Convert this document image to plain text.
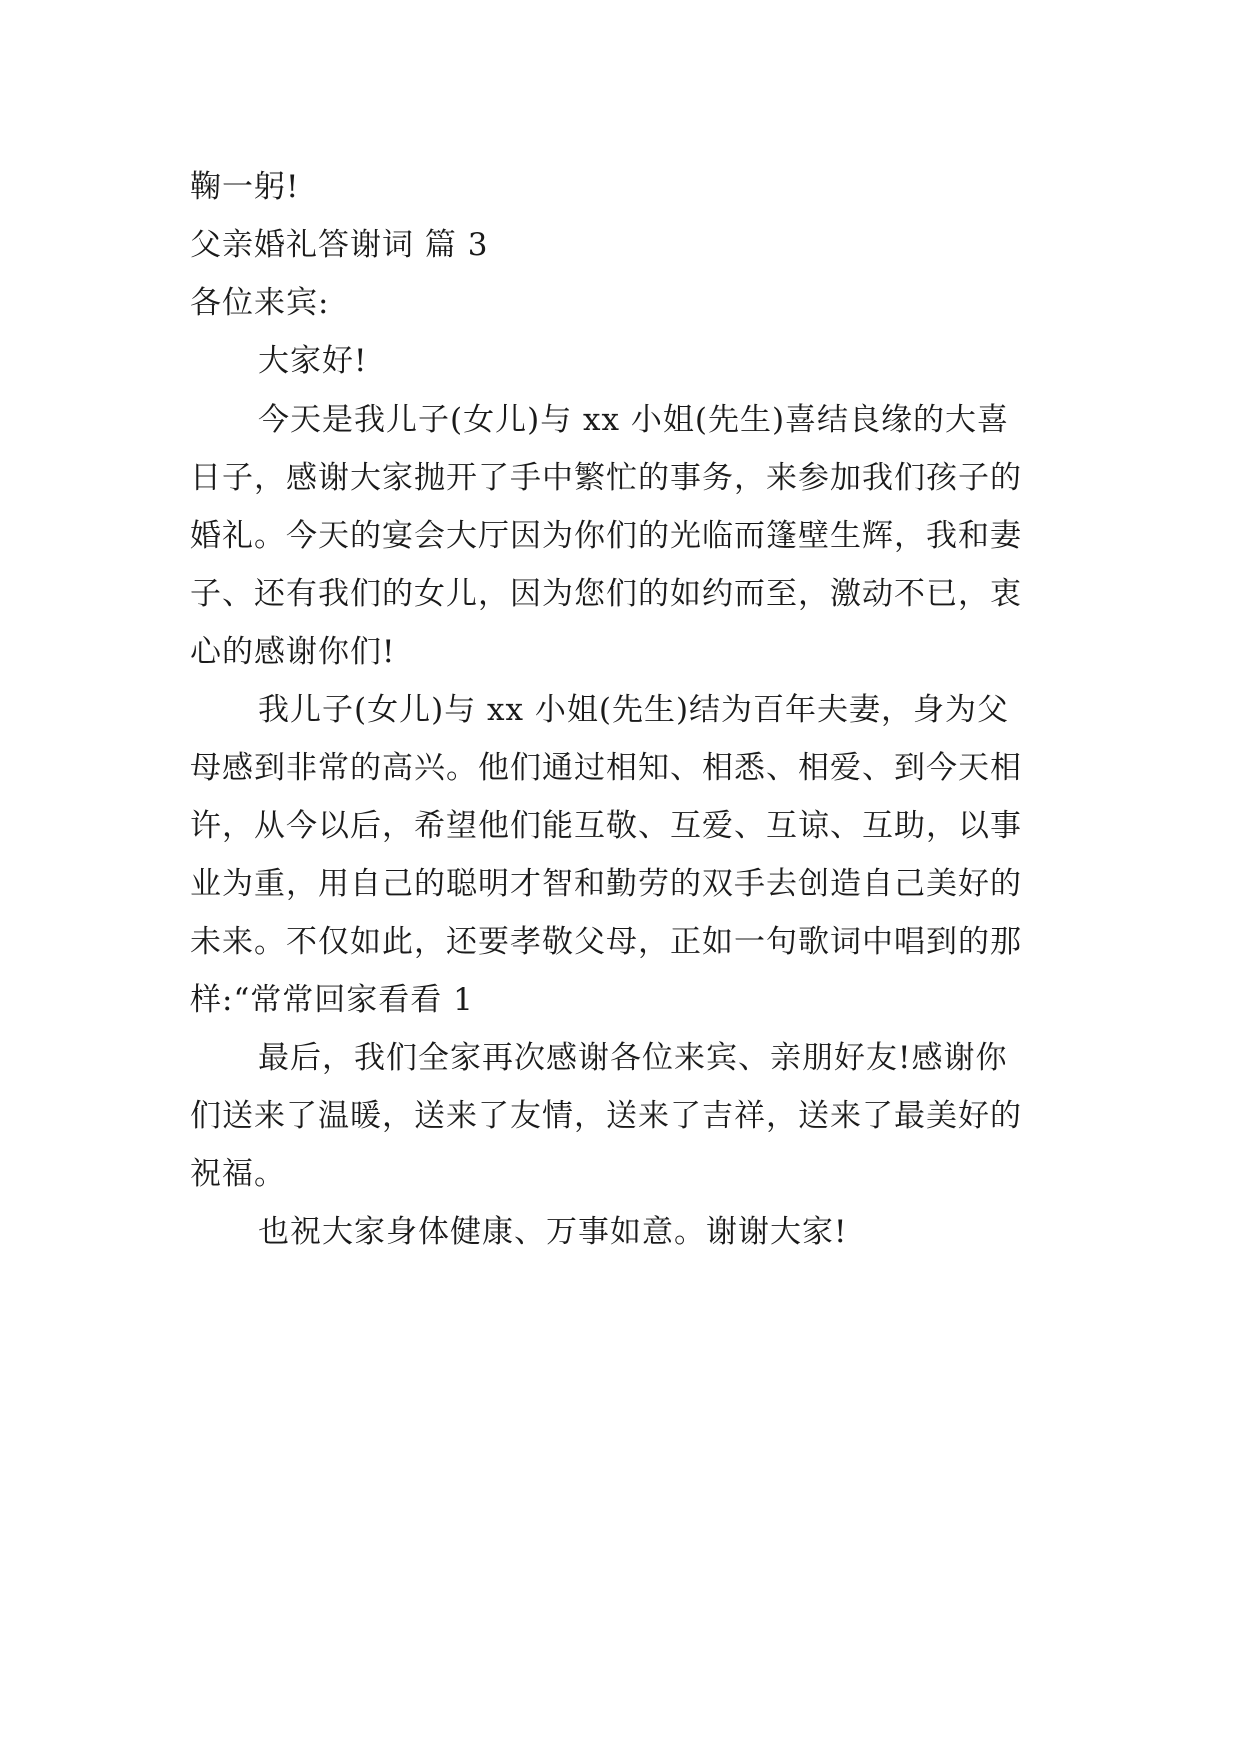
鞠一躬!
父亲婚礼答谢词 篇 3
各位来宾:
大家好!
今天是我儿子(女儿)与 xx 小姐(先生)喜结良缘的大喜
日子，感谢大家抛开了手中繁忙的事务，来参加我们孩子的
婚礼。今天的宴会大厅因为你们的光临而篷壁生辉，我和妻
子、还有我们的女儿，因为您们的如约而至，激动不已，衷
心的感谢你们!
我儿子(女儿)与 xx 小姐(先生)结为百年夫妻，身为父
母感到非常的高兴。他们通过相知、相悉、相爱、到今天相
许，从今以后，希望他们能互敬、互爱、互谅、互助，以事
业为重，用自己的聪明才智和勤劳的双手去创造自己美好的
未来。不仅如此，还要孝敬父母，正如一句歌词中唱到的那
样:“常常回家看看 1
最后，我们全家再次感谢各位来宾、亲朋好友!感谢你
们送来了温暖，送来了友情，送来了吉祥，送来了最美好的
祝福。
也祝大家身体健康、万事如意。谢谢大家!
